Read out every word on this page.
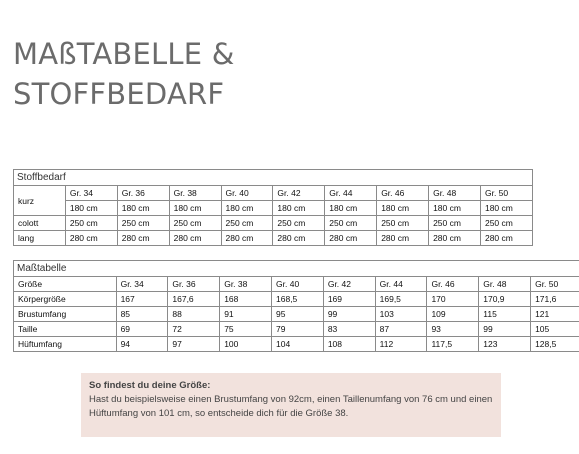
MAßTABELLE &
STOFFBEDARF
Stoffbedarf									
kurz	Gr. 34	Gr. 36	Gr. 38	Gr. 40	Gr. 42	Gr. 44	Gr. 46	Gr. 48	Gr. 50
	180 cm	180 cm	180 cm	180 cm	180 cm	180 cm	180 cm	180 cm	180 cm
colott	250 cm	250 cm	250 cm	250 cm	250 cm	250 cm	250 cm	250 cm	250 cm
lang	280 cm	280 cm	280 cm	280 cm	280 cm	280 cm	280 cm	280 cm	280 cm
Maßtabelle									
Größe	Gr. 34	Gr. 36	Gr. 38	Gr. 40	Gr. 42	Gr. 44	Gr. 46	Gr. 48	Gr. 50
Körpergröße	167	167,6	168	168,5	169	169,5	170	170,9	171,6
Brustumfang	85	88	91	95	99	103	109	115	121
Taille	69	72	75	79	83	87	93	99	105
Hüftumfang	94	97	100	104	108	112	117,5	123	128,5
So findest du deine Größe:
Hast du beispielsweise einen Brustumfang von 92cm, einen Taillenumfang von 76 cm und einen Hüftumfang von 101 cm, so entscheide dich für die Größe 38.
